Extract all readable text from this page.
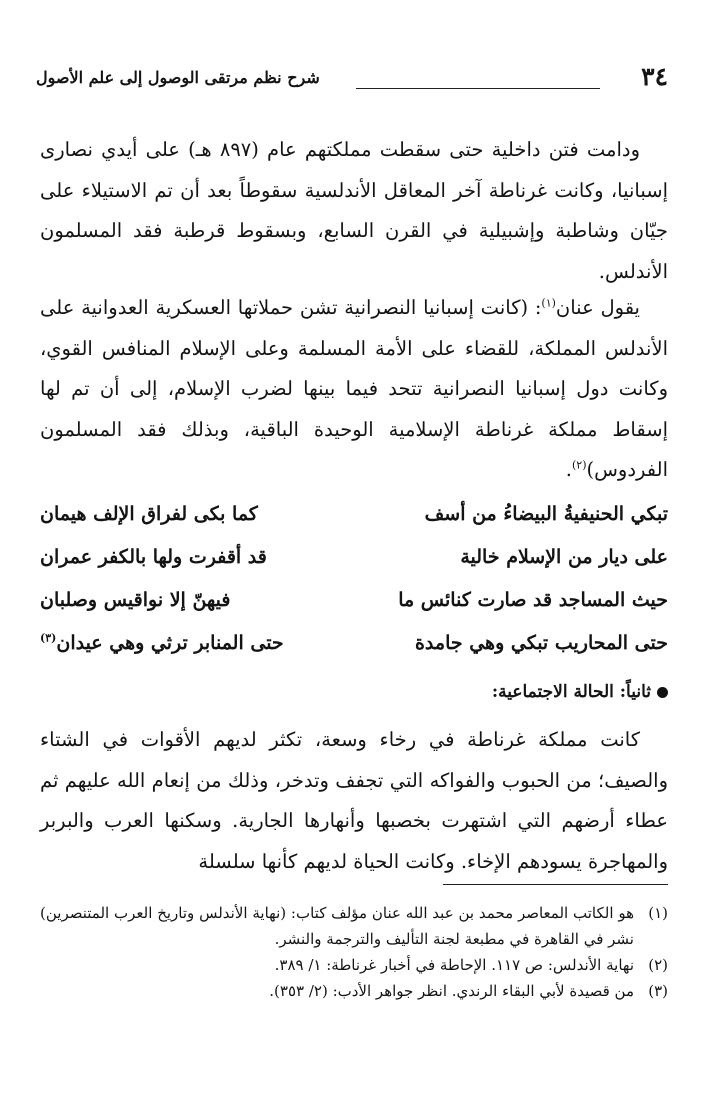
٣٤
شرح نظم مرتقى الوصول إلى علم الأصول

ودامت فتن داخلية حتى سقطت مملكتهم عام (٨٩٧ هـ) على أيدي نصارى إسبانيا، وكانت غرناطة آخر المعاقل الأندلسية سقوطاً بعد أن تم الاستيلاء على جيّان وشاطبة وإشبيلية في القرن السابع، وبسقوط قرطبة فقد المسلمون الأندلس.

يقول عنان$^{(١)}$: (كانت إسبانيا النصرانية تشن حملاتها العسكرية العدوانية على الأندلس المملكة، للقضاء على الأمة المسلمة وعلى الإسلام المنافس القوي، وكانت دول إسبانيا النصرانية تتحد فيما بينها لضرب الإسلام، إلى أن تم لها إسقاط مملكة غرناطة الإسلامية الوحيدة الباقية، وبذلك فقد المسلمون الفردوس)$^{(٢)}$.

تبكي الحنيفيةُ البيضاءُ من أسف
كما بكى لفراق الإلف هيمان
على ديار من الإسلام خالية
قد أقفرت ولها بالكفر عمران
حيث المساجد قد صارت كنائس ما
فيهنّ إلا نواقيس وصلبان
حتى المحاريب تبكي وهي جامدة
حتى المنابر ترثي وهي عيدان$^{(٣)}$
ثانياً: الحالة الاجتماعية:

كانت مملكة غرناطة في رخاء وسعة، تكثر لديهم الأقوات في الشتاء والصيف؛ من الحبوب والفواكه التي تجفف وتدخر، وذلك من إنعام الله عليهم ثم عطاء أرضهم التي اشتهرت بخصبها وأنهارها الجارية. وسكنها العرب والبربر والمهاجرة يسودهم الإخاء. وكانت الحياة لديهم كأنها سلسلة

(١)
هو الكاتب المعاصر محمد بن عبد الله عنان مؤلف كتاب: (نهاية الأندلس وتاريخ العرب المتنصرين) نشر في القاهرة في مطبعة لجنة التأليف والترجمة والنشر.
(٢)
نهاية الأندلس: ص ١١٧. الإحاطة في أخبار غرناطة: ١/ ٣٨٩.
(٣)
من قصيدة لأبي البقاء الرندي. انظر جواهر الأدب: (٢/ ٣٥٣).
